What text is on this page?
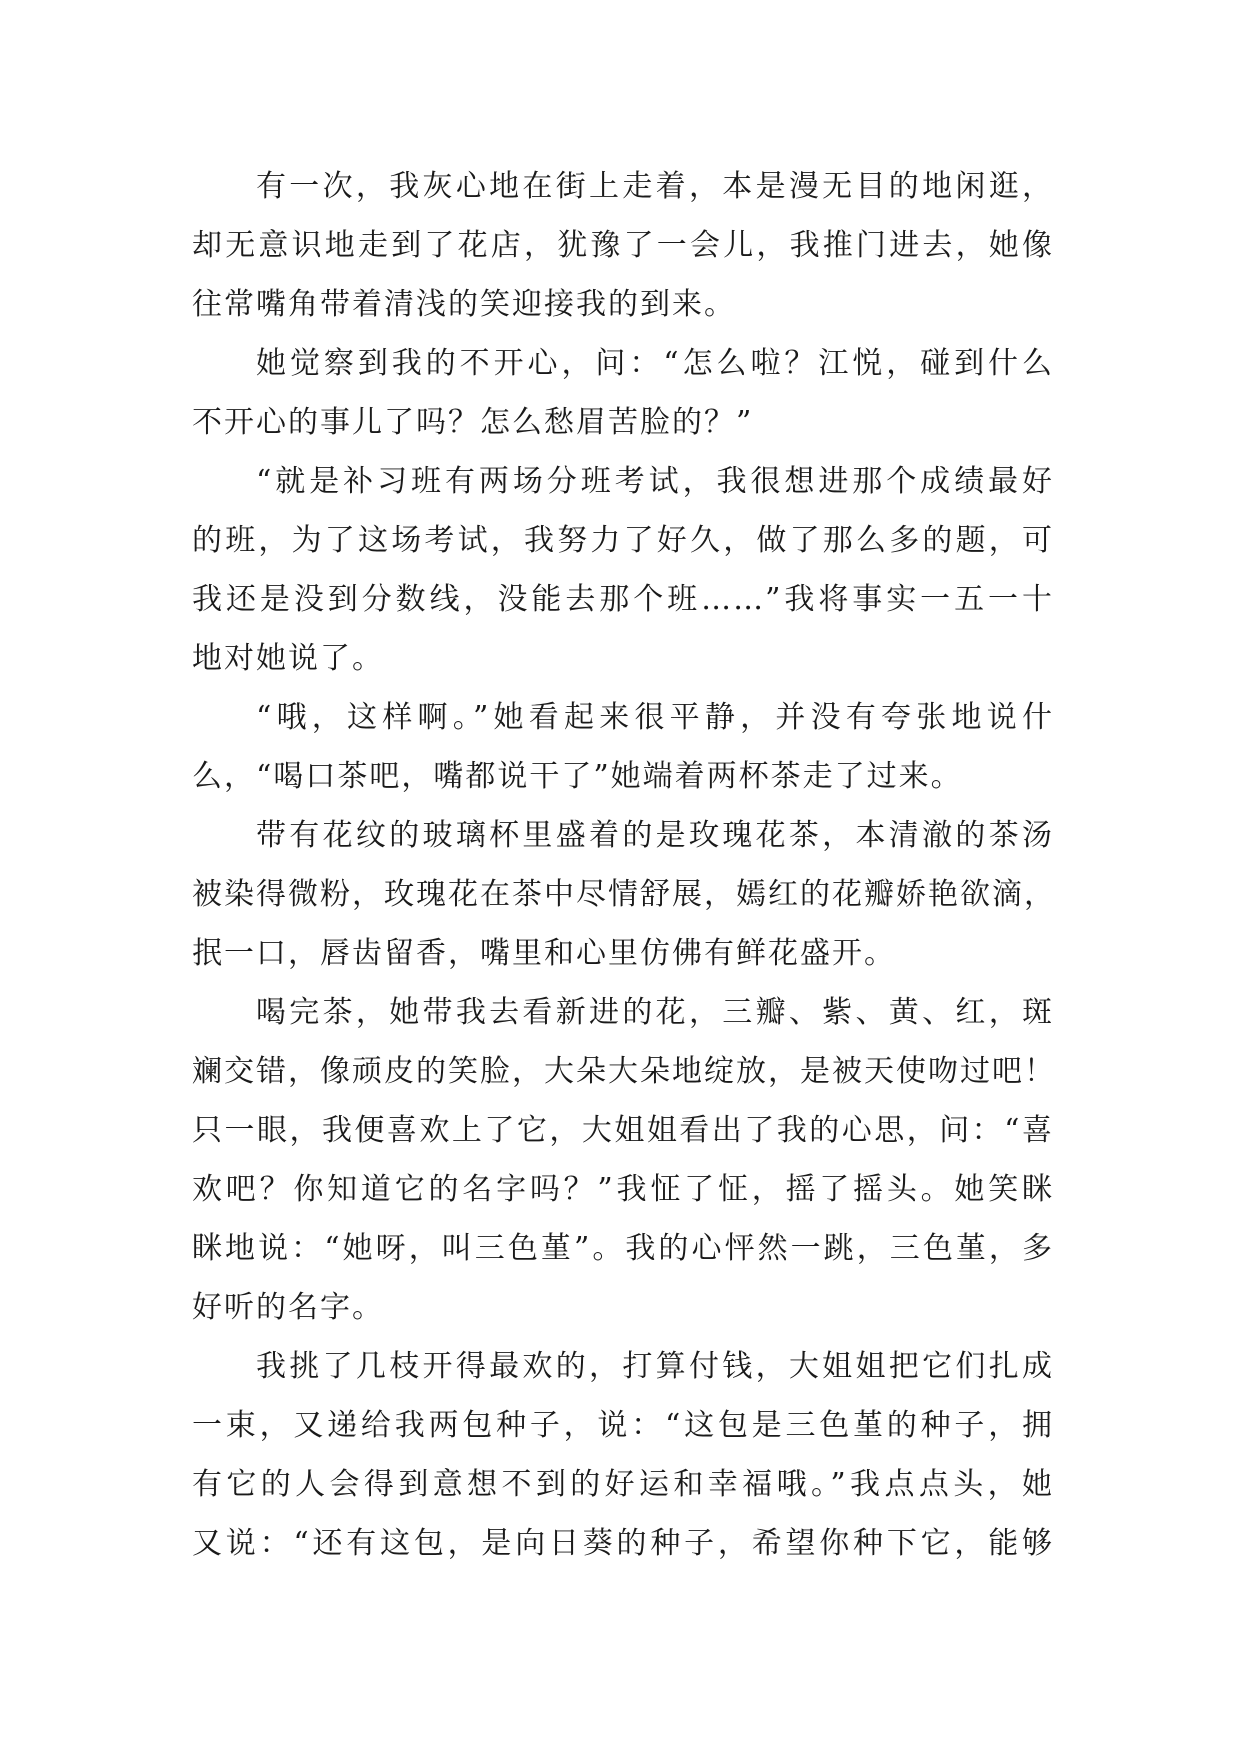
有一次，我灰心地在街上走着，本是漫无目的地闲逛，
却无意识地走到了花店，犹豫了一会儿，我推门进去，她像
往常嘴角带着清浅的笑迎接我的到来。
她觉察到我的不开心，问：“怎么啦？江悦，碰到什么
不开心的事儿了吗？怎么愁眉苦脸的？”
“就是补习班有两场分班考试，我很想进那个成绩最好
的班，为了这场考试，我努力了好久，做了那么多的题，可
我还是没到分数线，没能去那个班……”我将事实一五一十
地对她说了。
“哦，这样啊。”她看起来很平静，并没有夸张地说什
么，“喝口茶吧，嘴都说干了”她端着两杯茶走了过来。
带有花纹的玻璃杯里盛着的是玫瑰花茶，本清澈的茶汤
被染得微粉，玫瑰花在茶中尽情舒展，嫣红的花瓣娇艳欲滴，
抿一口，唇齿留香，嘴里和心里仿佛有鲜花盛开。
喝完茶，她带我去看新进的花，三瓣、紫、黄、红，斑
斓交错，像顽皮的笑脸，大朵大朵地绽放，是被天使吻过吧！
只一眼，我便喜欢上了它，大姐姐看出了我的心思，问：“喜
欢吧？你知道它的名字吗？”我怔了怔，摇了摇头。她笑眯
眯地说：“她呀，叫三色堇”。我的心怦然一跳，三色堇，多
好听的名字。
我挑了几枝开得最欢的，打算付钱，大姐姐把它们扎成
一束，又递给我两包种子，说：“这包是三色堇的种子，拥
有它的人会得到意想不到的好运和幸福哦。”我点点头，她
又说：“还有这包，是向日葵的种子，希望你种下它，能够
